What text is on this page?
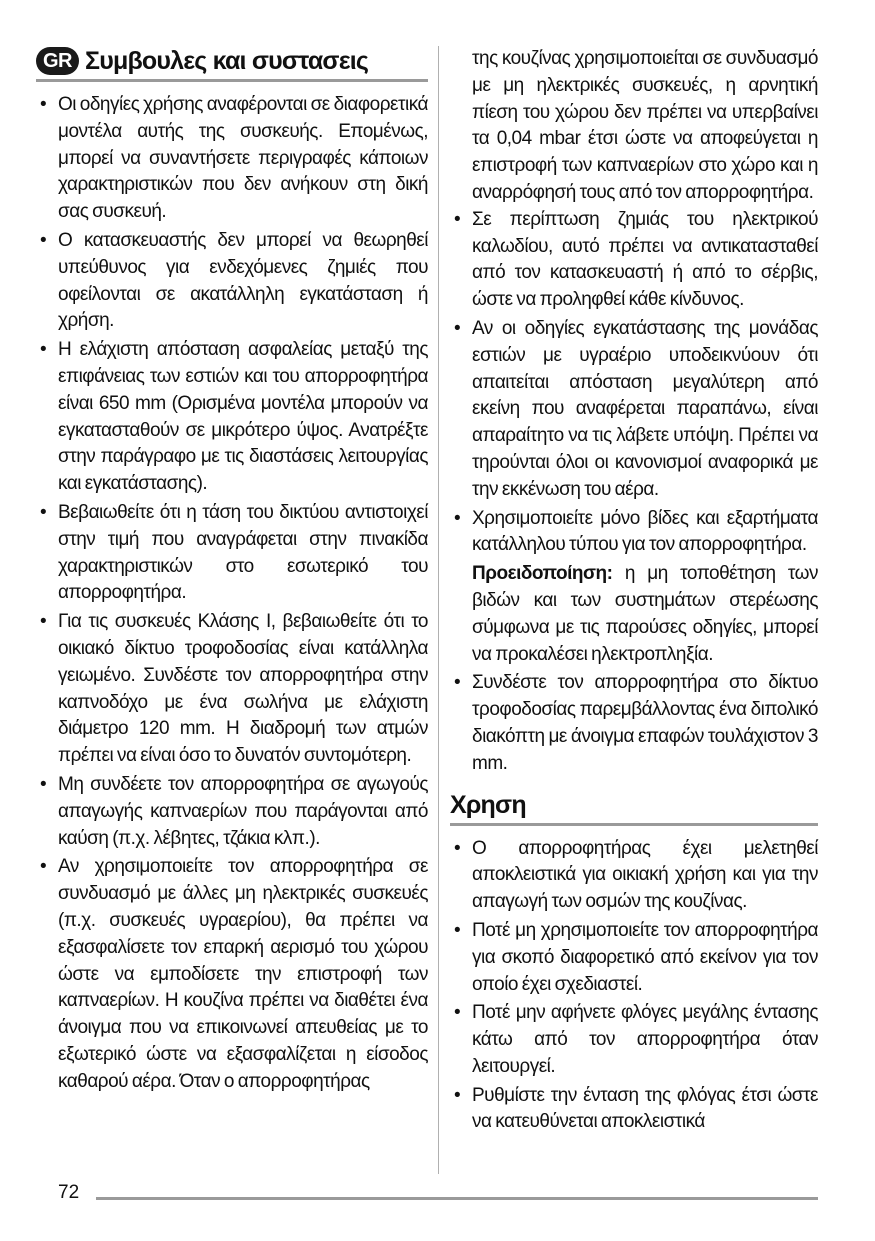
GR Συμβουλες και συστασεις
• Οι οδηγίες χρήσης αναφέρονται σε διαφορετικά μοντέλα αυτής της συσκευής. Επομένως, μπορεί να συναντήσετε περιγραφές κάποιων χαρακτηριστικών που δεν ανήκουν στη δική σας συσκευή.
• Ο κατασκευαστής δεν μπορεί να θεωρηθεί υπεύθυνος για ενδεχόμενες ζημιές που οφείλονται σε ακατάλληλη εγκατάσταση ή χρήση.
• Η ελάχιστη απόσταση ασφαλείας μεταξύ της επιφάνειας των εστιών και του απορροφητήρα είναι 650 mm (Ορισμένα μοντέλα μπορούν να εγκατασταθούν σε μικρότερο ύψος. Ανατρέξτε στην παράγραφο με τις διαστάσεις λειτουργίας και εγκατάστασης).
• Βεβαιωθείτε ότι η τάση του δικτύου αντιστοιχεί στην τιμή που αναγράφεται στην πινακίδα χαρακτηριστικών στο εσωτερικό του απορροφητήρα.
• Για τις συσκευές Κλάσης Ι, βεβαιωθείτε ότι το οικιακό δίκτυο τροφοδοσίας είναι κατάλληλα γειωμένο. Συνδέστε τον απορροφητήρα στην καπνοδόχο με ένα σωλήνα με ελάχιστη διάμετρο 120 mm. Η διαδρομή των ατμών πρέπει να είναι όσο το δυνατόν συντομότερη.
• Μη συνδέετε τον απορροφητήρα σε αγωγούς απαγωγής καπναερίων που παράγονται από καύση (π.χ. λέβητες, τζάκια κλπ.).
• Αν χρησιμοποιείτε τον απορροφητήρα σε συνδυασμό με άλλες μη ηλεκτρικές συσκευές (π.χ. συσκευές υγραερίου), θα πρέπει να εξασφαλίσετε τον επαρκή αερισμό του χώρου ώστε να εμποδίσετε την επιστροφή των καπναερίων. Η κουζίνα πρέπει να διαθέτει ένα άνοιγμα που να επικοινωνεί απευθείας με το εξωτερικό ώστε να εξασφαλίζεται η είσοδος καθαρού αέρα. Όταν ο απορροφητήρας
της κουζίνας χρησιμοποιείται σε συνδυασμό με μη ηλεκτρικές συσκευές, η αρνητική πίεση του χώρου δεν πρέπει να υπερβαίνει τα 0,04 mbar έτσι ώστε να αποφεύγεται η επιστροφή των καπναερίων στο χώρο και η αναρρόφησή τους από τον απορροφητήρα.
• Σε περίπτωση ζημιάς του ηλεκτρικού καλωδίου, αυτό πρέπει να αντικατασταθεί από τον κατασκευαστή ή από το σέρβις, ώστε να προληφθεί κάθε κίνδυνος.
• Αν οι οδηγίες εγκατάστασης της μονάδας εστιών με υγραέριο υποδεικνύουν ότι απαιτείται απόσταση μεγαλύτερη από εκείνη που αναφέρεται παραπάνω, είναι απαραίτητο να τις λάβετε υπόψη. Πρέπει να τηρούνται όλοι οι κανονισμοί αναφορικά με την εκκένωση του αέρα.
• Χρησιμοποιείτε μόνο βίδες και εξαρτήματα κατάλληλου τύπου για τον απορροφητήρα.
Προειδοποίηση: η μη τοποθέτηση των βιδών και των συστημάτων στερέωσης σύμφωνα με τις παρούσες οδηγίες, μπορεί να προκαλέσει ηλεκτροπληξία.
• Συνδέστε τον απορροφητήρα στο δίκτυο τροφοδοσίας παρεμβάλλοντας ένα διπολικό διακόπτη με άνοιγμα επαφών τουλάχιστον 3 mm.
Χρηση
• Ο απορροφητήρας έχει μελετηθεί αποκλειστικά για οικιακή χρήση και για την απαγωγή των οσμών της κουζίνας.
• Ποτέ μη χρησιμοποιείτε τον απορροφητήρα για σκοπό διαφορετικό από εκείνον για τον οποίο έχει σχεδιαστεί.
• Ποτέ μην αφήνετε φλόγες μεγάλης έντασης κάτω από τον απορροφητήρα όταν λειτουργεί.
• Ρυθμίστε την ένταση της φλόγας έτσι ώστε να κατευθύνεται αποκλειστικά
72
